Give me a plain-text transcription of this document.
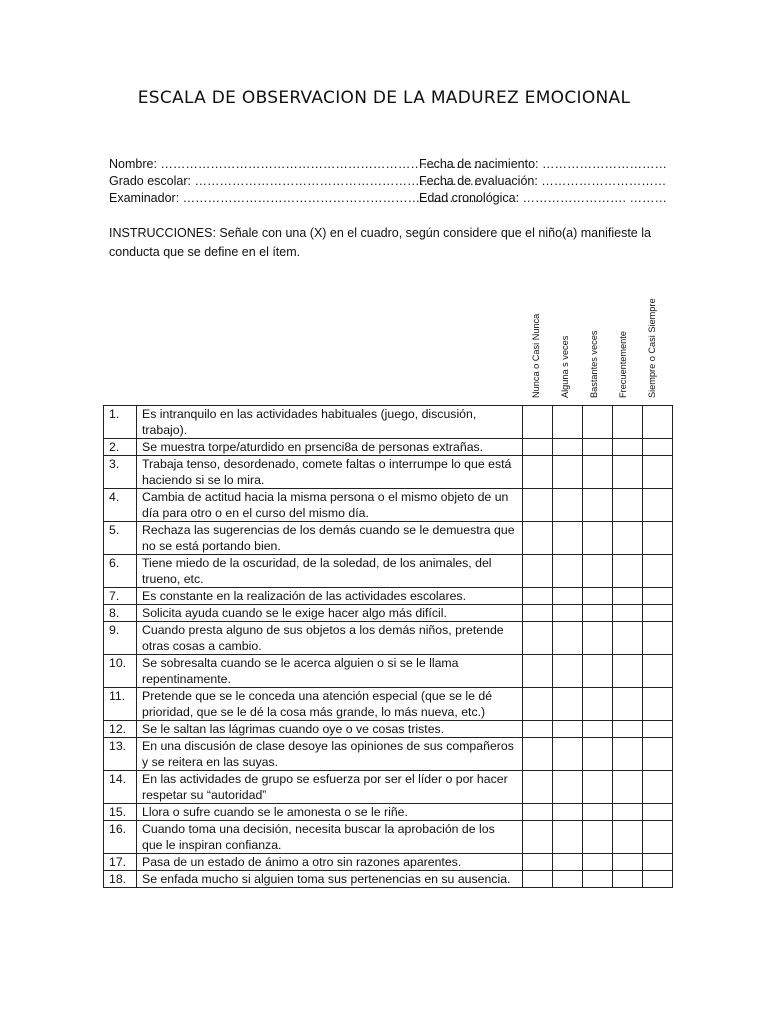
ESCALA DE OBSERVACION DE LA MADUREZ EMOCIONAL
Nombre: ……………………………………………………………………
Fecha de nacimiento: …………………………
Grado escolar: ……………………………………………………………
Fecha de evaluación: …………………………
Examinador: ……………………………………………………………….
Edad cronológica: ……………………. ………
INSTRUCCIONES: Señale con una (X) en el cuadro, según considere que el niño(a) manifieste la conducta que se define en el ítem.
Nunca o Casi Nunca Alguna s veces Bastantes veces Frecuentemente Siempre o Casi Siempre
1.	Es intranquilo en las actividades habituales (juego, discusión, trabajo).					
2.	Se muestra torpe/aturdido en prsenci8a de personas extrañas.					
3.	Trabaja tenso, desordenado, comete faltas o interrumpe lo que está haciendo si se lo mira.					
4.	Cambia de actitud hacia la misma persona o el mismo objeto de un día para otro o en el curso del mismo día.					
5.	Rechaza las sugerencias de los demás cuando se le demuestra que no se está portando bien.					
6.	Tiene miedo de la oscuridad, de la soledad, de los animales, del trueno, etc.					
7.	Es constante en la realización de las actividades escolares.					
8.	Solicita ayuda cuando se le exige hacer algo más difícil.					
9.	Cuando presta alguno de sus objetos a los demás niños, pretende otras cosas a cambio.					
10.	Se sobresalta cuando se le acerca alguien o si se le llama repentinamente.					
11.	Pretende que se le conceda una atención especial (que se le dé prioridad, que se le dé la cosa más grande, lo más nueva, etc.)					
12.	Se le saltan las lágrimas cuando oye o ve cosas tristes.					
13.	En una discusión de clase desoye las opiniones de sus compañeros y se reitera en las suyas.					
14.	En las actividades de grupo se esfuerza por ser el líder o por hacer respetar su “autoridad”					
15.	Llora o sufre cuando se le amonesta o se le riñe.					
16.	Cuando toma una decisión, necesita buscar la aprobación de los que le inspiran confianza.					
17.	Pasa de un estado de ánimo a otro sin razones aparentes.					
18.	Se enfada mucho si alguien toma sus pertenencias en su ausencia.					
